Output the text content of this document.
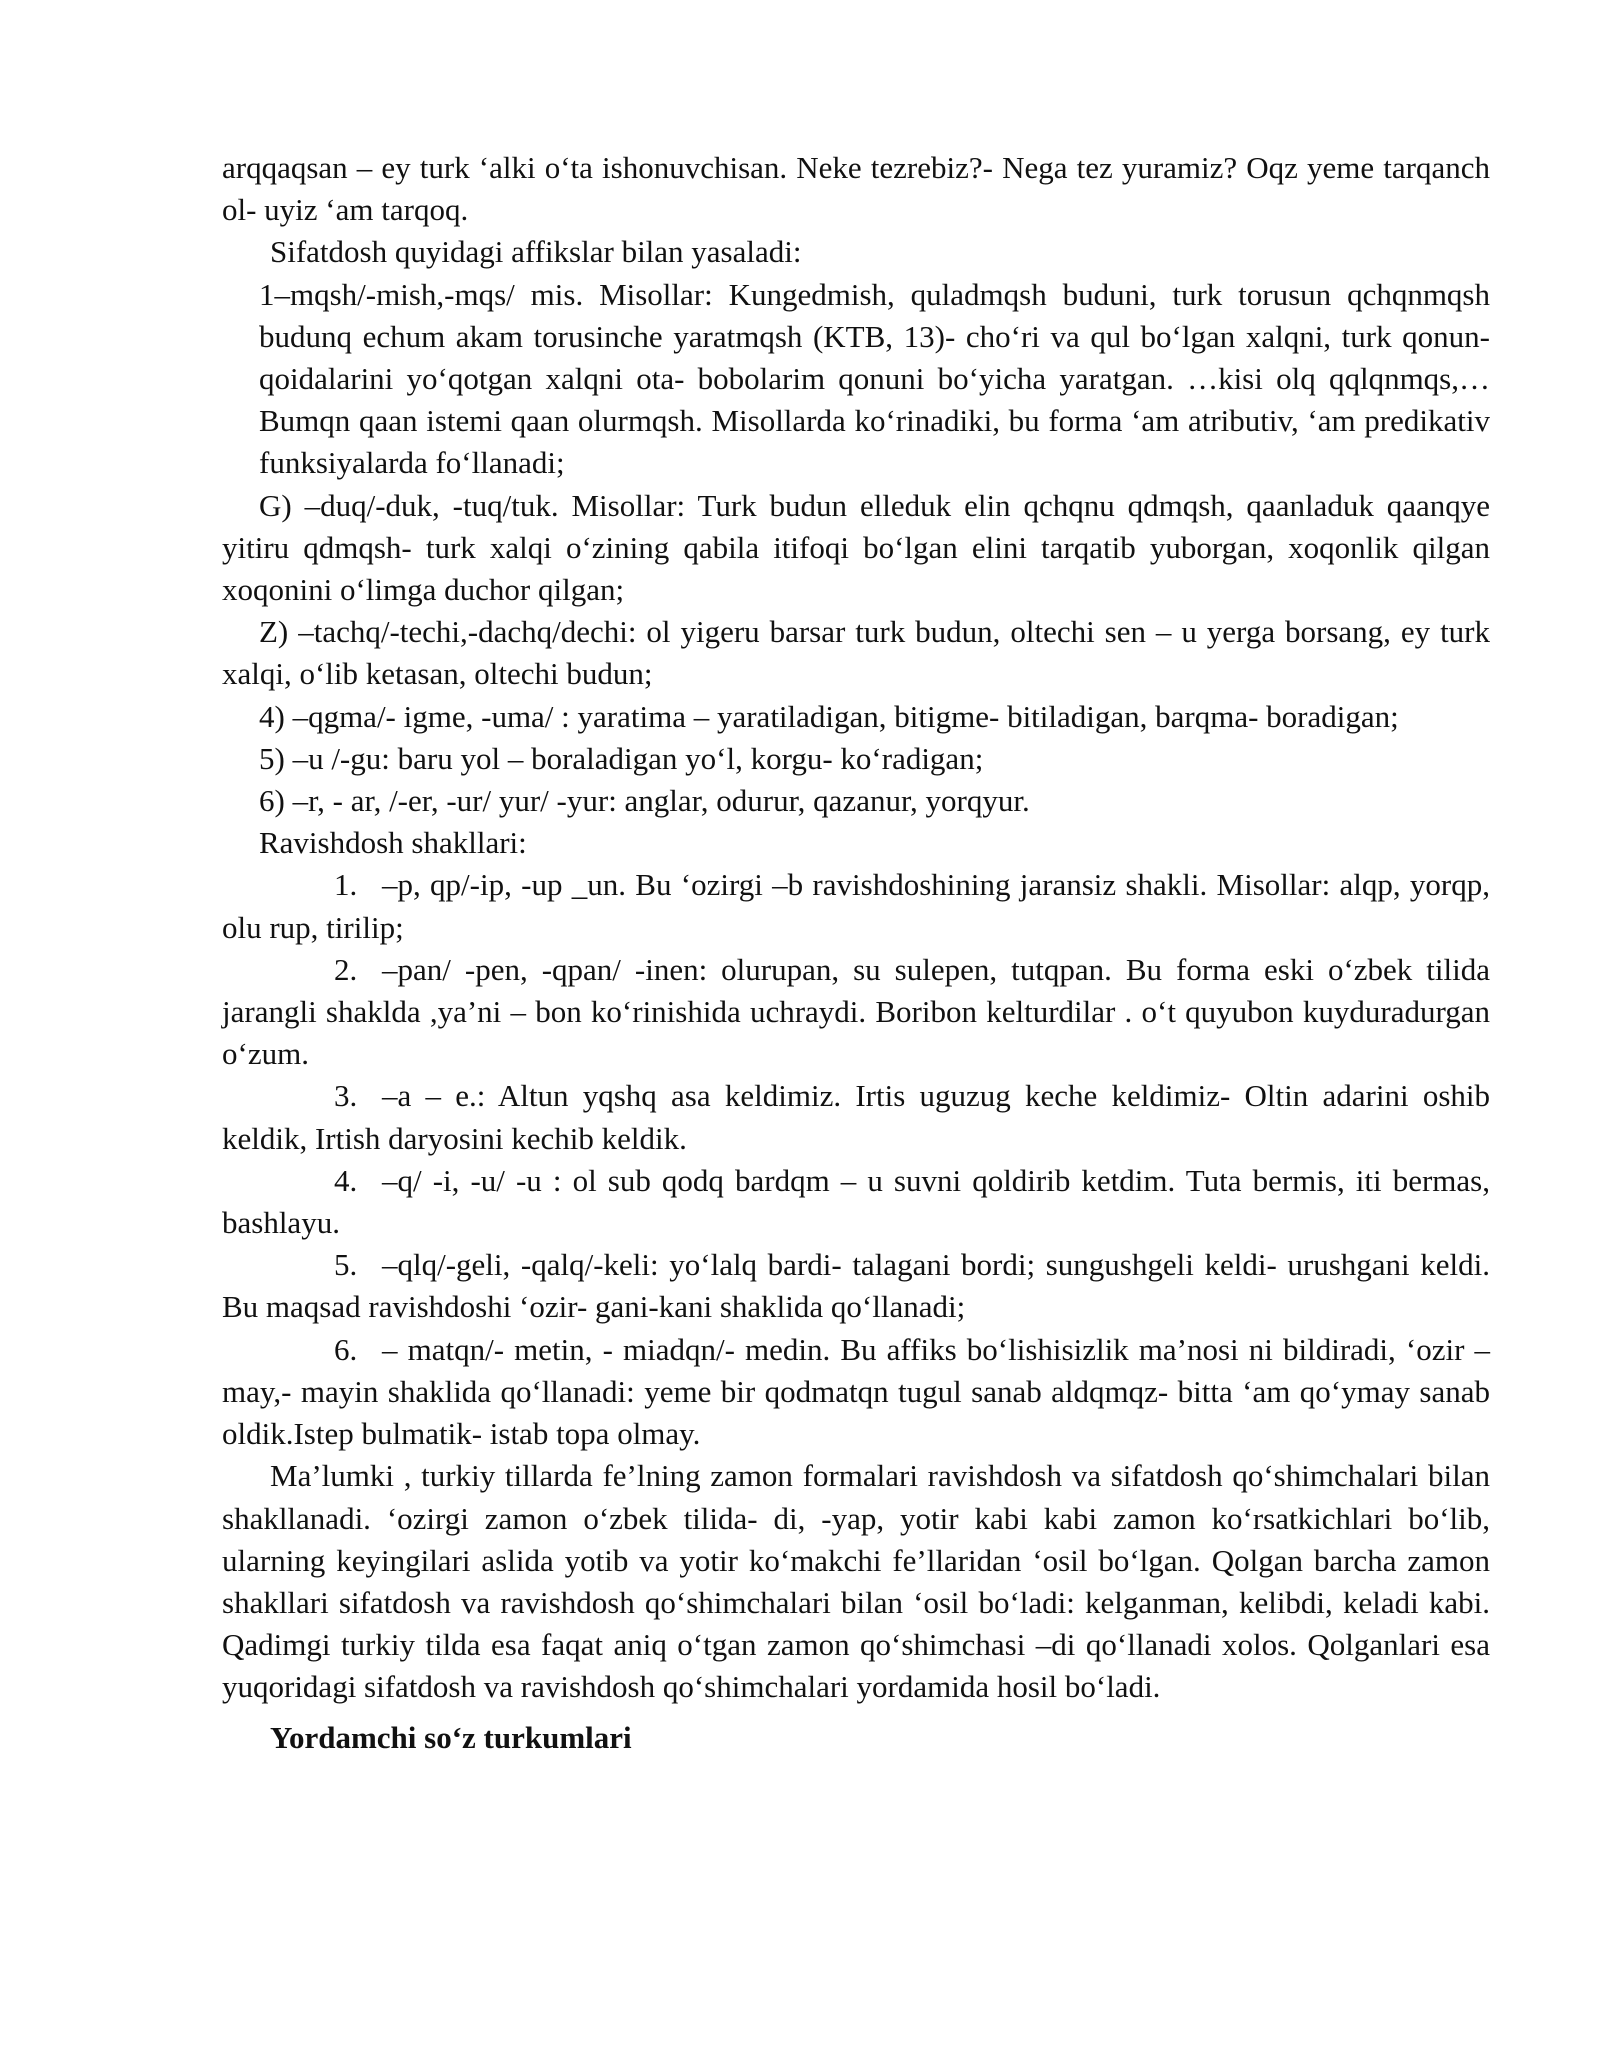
arqqaqsan – ey turk ‘alki o‘ta ishonuvchisan. Neke tezrebiz?- Nega tez yuramiz? Oqz yeme tarqanch ol- uyiz ‘am tarqoq.

Sifatdosh quyidagi affikslar bilan yasaladi:

1–mqsh/-mish,-mqs/ mis. Misollar: Kungedmish, quladmqsh buduni, turk torusun qchqnmqsh budunq echum akam torusinche yaratmqsh (KTB, 13)- cho‘ri va qul bo‘lgan xalqni, turk qonun-qoidalarini yo‘qotgan xalqni ota- bobolarim qonuni bo‘yicha yaratgan. …kisi olq qqlqnmqs,…Bumqn qaan istemi qaan olurmqsh. Misollarda ko‘rinadiki, bu forma ‘am atributiv, ‘am predikativ funksiyalarda fo‘llanadi;

G) –duq/-duk, -tuq/tuk. Misollar: Turk budun elleduk elin qchqnu qdmqsh, qaanladuk qaanqye yitiru qdmqsh- turk xalqi o‘zining qabila itifoqi bo‘lgan elini tarqatib yuborgan, xoqonlik qilgan xoqonini o‘limga duchor qilgan;

Z) –tachq/-techi,-dachq/dechi: ol yigeru barsar turk budun, oltechi sen – u yerga borsang, ey turk xalqi, o‘lib ketasan, oltechi budun;

4) –qgma/- igme, -uma/ : yaratima – yaratiladigan, bitigme- bitiladigan, barqma- boradigan;

5) –u /-gu: baru yol – boraladigan yo‘l, korgu- ko‘radigan;

6) –r, - ar, /-er, -ur/ yur/ -yur: anglar, odurur, qazanur, yorqyur.

Ravishdosh shakllari:

1. –p, qp/-ip, -up _un. Bu ‘ozirgi –b ravishdoshining jaransiz shakli. Misollar: alqp, yorqp, olu rup, tirilip;

2. –pan/ -pen, -qpan/ -inen: olurupan, su sulepen, tutqpan. Bu forma eski o‘zbek tilida jarangli shaklda ,ya’ni – bon ko‘rinishida uchraydi. Boribon kelturdilar . o‘t quyubon kuyduradurgan o‘zum.

3. –a – e.: Altun yqshq asa keldimiz. Irtis uguzug keche keldimiz- Oltin adarini oshib keldik, Irtish daryosini kechib keldik.

4. –q/ -i, -u/ -u : ol sub qodq bardqm – u suvni qoldirib ketdim. Tuta bermis, iti bermas, bashlayu.

5. –qlq/-geli, -qalq/-keli: yo‘lalq bardi- talagani bordi; sungushgeli keldi- urushgani keldi. Bu maqsad ravishdoshi ‘ozir- gani-kani shaklida qo‘llanadi;

6. – matqn/- metin, - miadqn/- medin. Bu affiks bo‘lishisizlik ma’nosi ni bildiradi, ‘ozir –may,- mayin shaklida qo‘llanadi: yeme bir qodmatqn tugul sanab aldqmqz- bitta ‘am qo‘ymay sanab oldik.Istep bulmatik- istab topa olmay.

Ma’lumki , turkiy tillarda fe’lning zamon formalari ravishdosh va sifatdosh qo‘shimchalari bilan shakllanadi. ‘ozirgi zamon o‘zbek tilida- di, -yap, yotir kabi kabi zamon ko‘rsatkichlari bo‘lib, ularning keyingilari aslida yotib va yotir ko‘makchi fe’llaridan ‘osil bo‘lgan. Qolgan barcha zamon shakllari sifatdosh va ravishdosh qo‘shimchalari bilan ‘osil bo‘ladi: kelganman, kelibdi, keladi kabi. Qadimgi turkiy tilda esa faqat aniq o‘tgan zamon qo‘shimchasi –di qo‘llanadi xolos. Qolganlari esa yuqoridagi sifatdosh va ravishdosh qo‘shimchalari yordamida hosil bo‘ladi.

Yordamchi so‘z turkumlari
